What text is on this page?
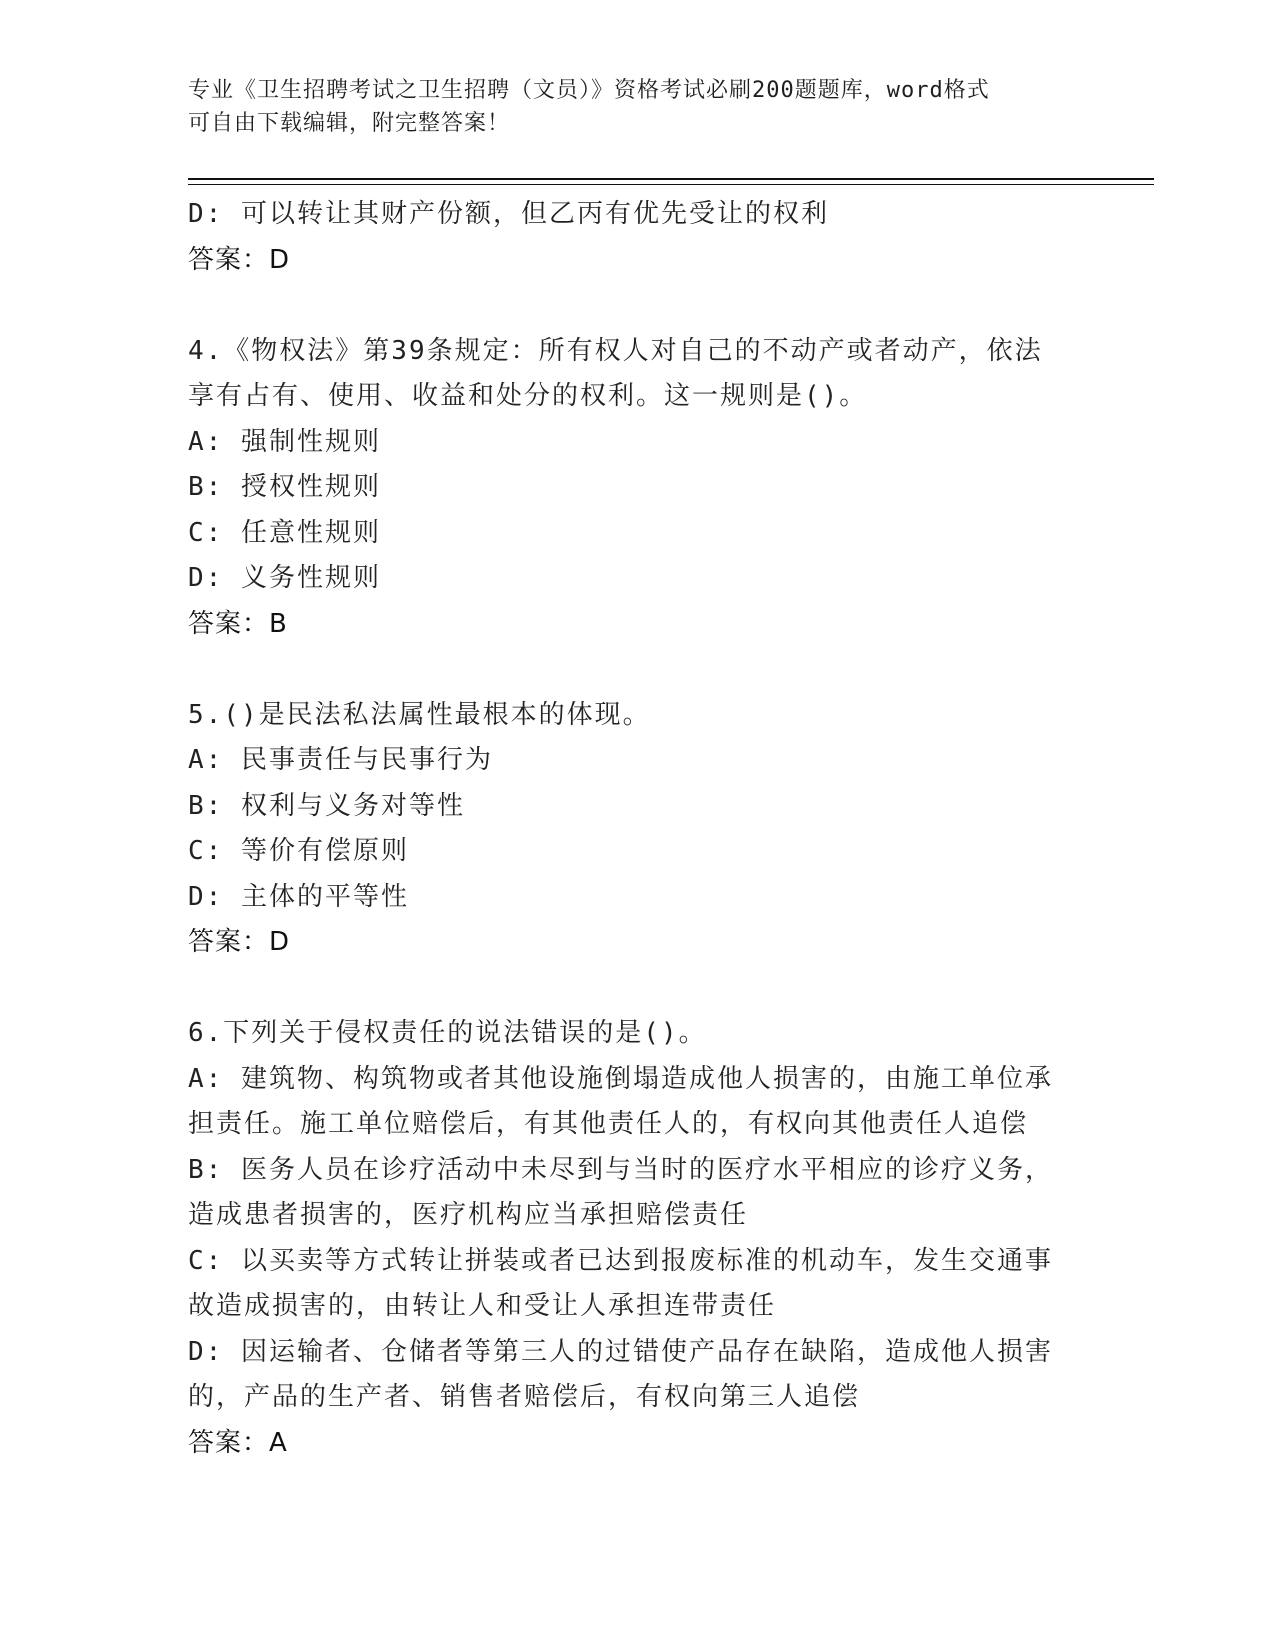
专业《卫生招聘考试之卫生招聘（文员）》资格考试必刷200题题库，word格式
可自由下载编辑，附完整答案！
D: 可以转让其财产份额，但乙丙有优先受让的权利
答案：D
4.《物权法》第39条规定：所有权人对自己的不动产或者动产，依法
享有占有、使用、收益和处分的权利。这一规则是()。
A: 强制性规则
B: 授权性规则
C: 任意性规则
D: 义务性规则
答案：B
5.()是民法私法属性最根本的体现。
A: 民事责任与民事行为
B: 权利与义务对等性
C: 等价有偿原则
D: 主体的平等性
答案：D
6.下列关于侵权责任的说法错误的是()。
A: 建筑物、构筑物或者其他设施倒塌造成他人损害的，由施工单位承
担责任。施工单位赔偿后，有其他责任人的，有权向其他责任人追偿
B: 医务人员在诊疗活动中未尽到与当时的医疗水平相应的诊疗义务，
造成患者损害的，医疗机构应当承担赔偿责任
C: 以买卖等方式转让拼装或者已达到报废标准的机动车，发生交通事
故造成损害的，由转让人和受让人承担连带责任
D: 因运输者、仓储者等第三人的过错使产品存在缺陷，造成他人损害
的，产品的生产者、销售者赔偿后，有权向第三人追偿
答案：A
